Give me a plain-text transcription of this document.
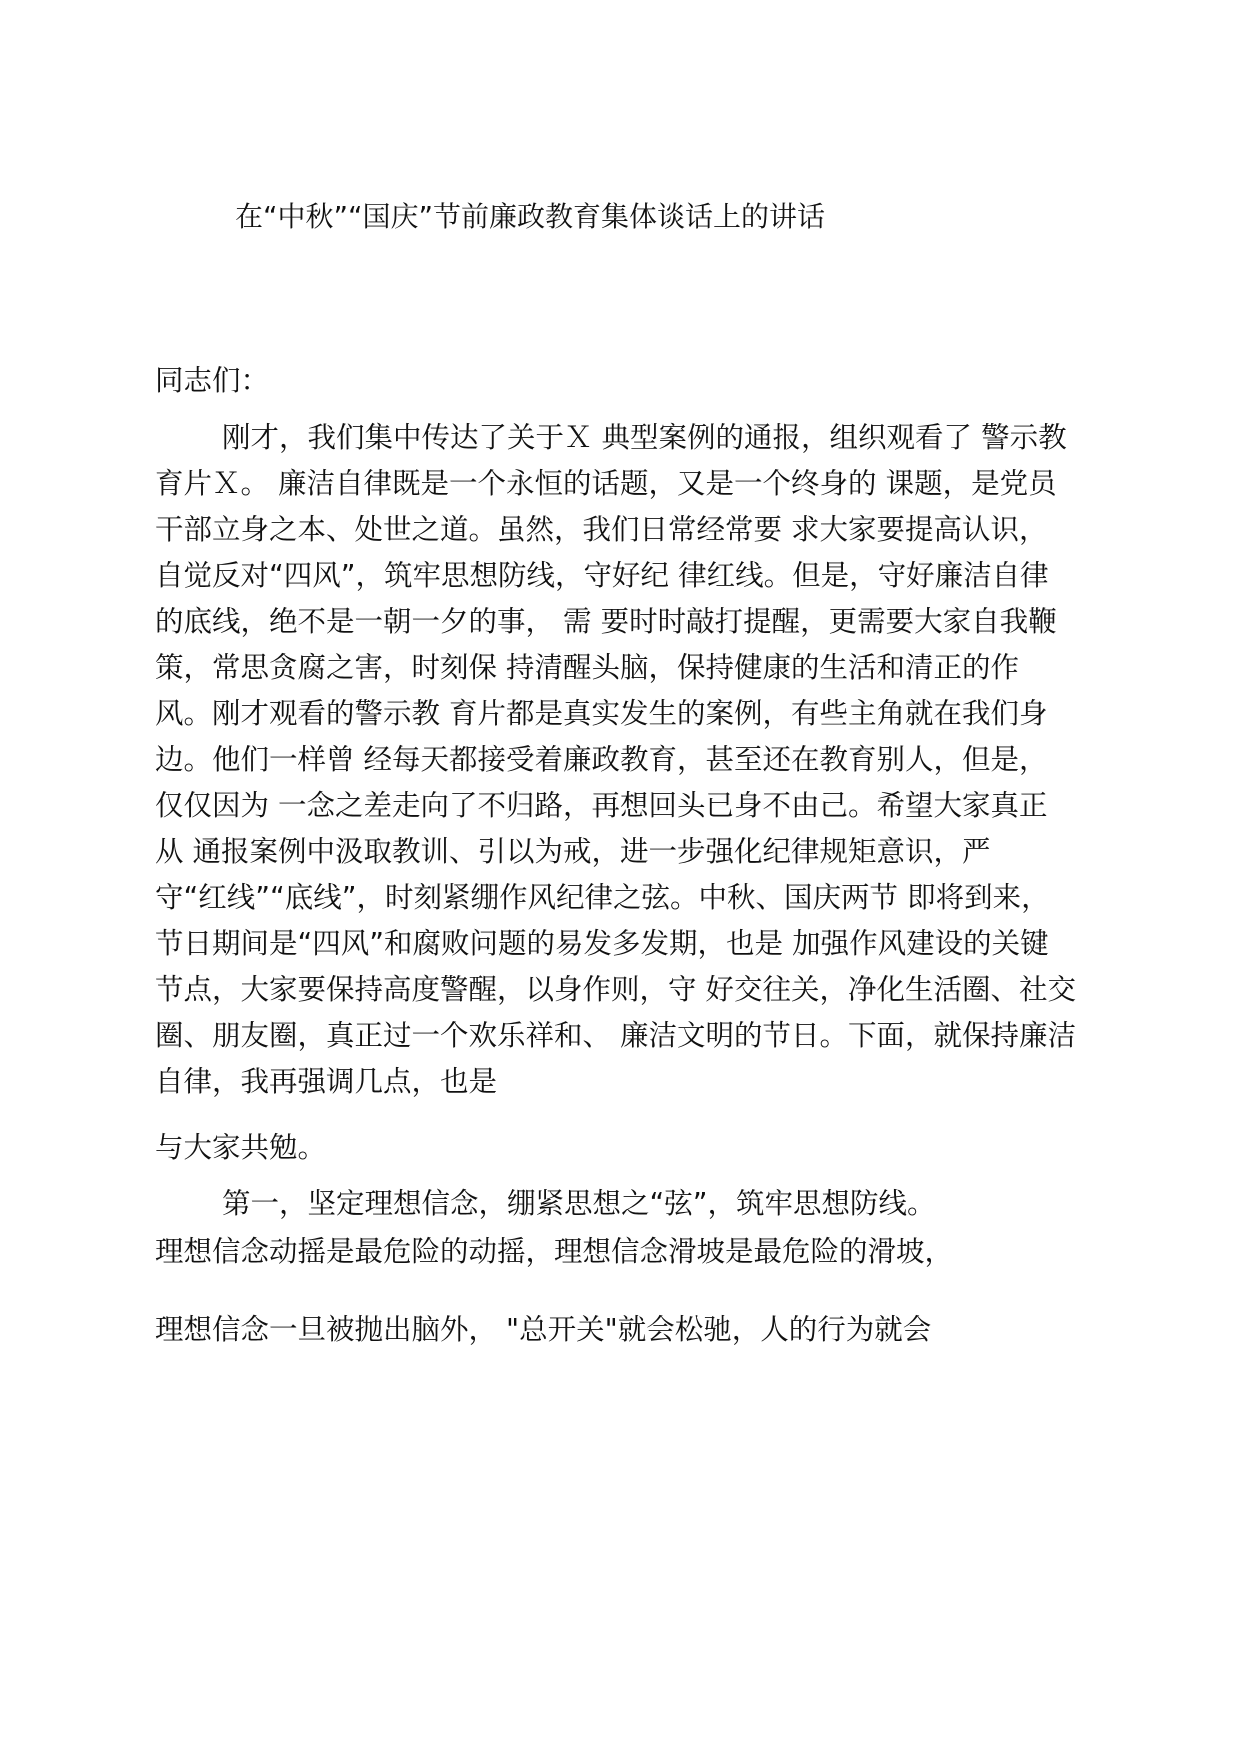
在“中秋”“国庆”节前廉政教育集体谈话上的讲话
同志们：
刚才，我们集中传达了关于Ｘ 典型案例的通报，组织观看了 警示教
育片Ｘ。 廉洁自律既是一个永恒的话题，又是一个终身的 课题，是党员
干部立身之本、处世之道。虽然，我们日常经常要 求大家要提高认识，
自觉反对“四风”，筑牢思想防线，守好纪 律红线。但是，守好廉洁自律
的底线，绝不是一朝一夕的事， 需 要时时敲打提醒，更需要大家自我鞭
策，常思贪腐之害，时刻保 持清醒头脑，保持健康的生活和清正的作
风。刚才观看的警示教 育片都是真实发生的案例，有些主角就在我们身
边。他们一样曾 经每天都接受着廉政教育，甚至还在教育别人，但是，
仅仅因为 一念之差走向了不归路，再想回头已身不由己。希望大家真正
从 通报案例中汲取教训、引以为戒，进一步强化纪律规矩意识，严
守“红线”“底线”，时刻紧绷作风纪律之弦。中秋、国庆两节 即将到来，
节日期间是“四风”和腐败问题的易发多发期，也是 加强作风建设的关键
节点，大家要保持高度警醒，以身作则，守 好交往关，净化生活圈、社交
圈、朋友圈，真正过一个欢乐祥和、 廉洁文明的节日。下面，就保持廉洁
自律，我再强调几点，也是
与大家共勉。
第一，坚定理想信念，绷紧思想之“弦”，筑牢思想防线。
理想信念动摇是最危险的动摇，理想信念滑坡是最危险的滑坡，
理想信念一旦被抛出脑外， "总开关"就会松驰，人的行为就会
